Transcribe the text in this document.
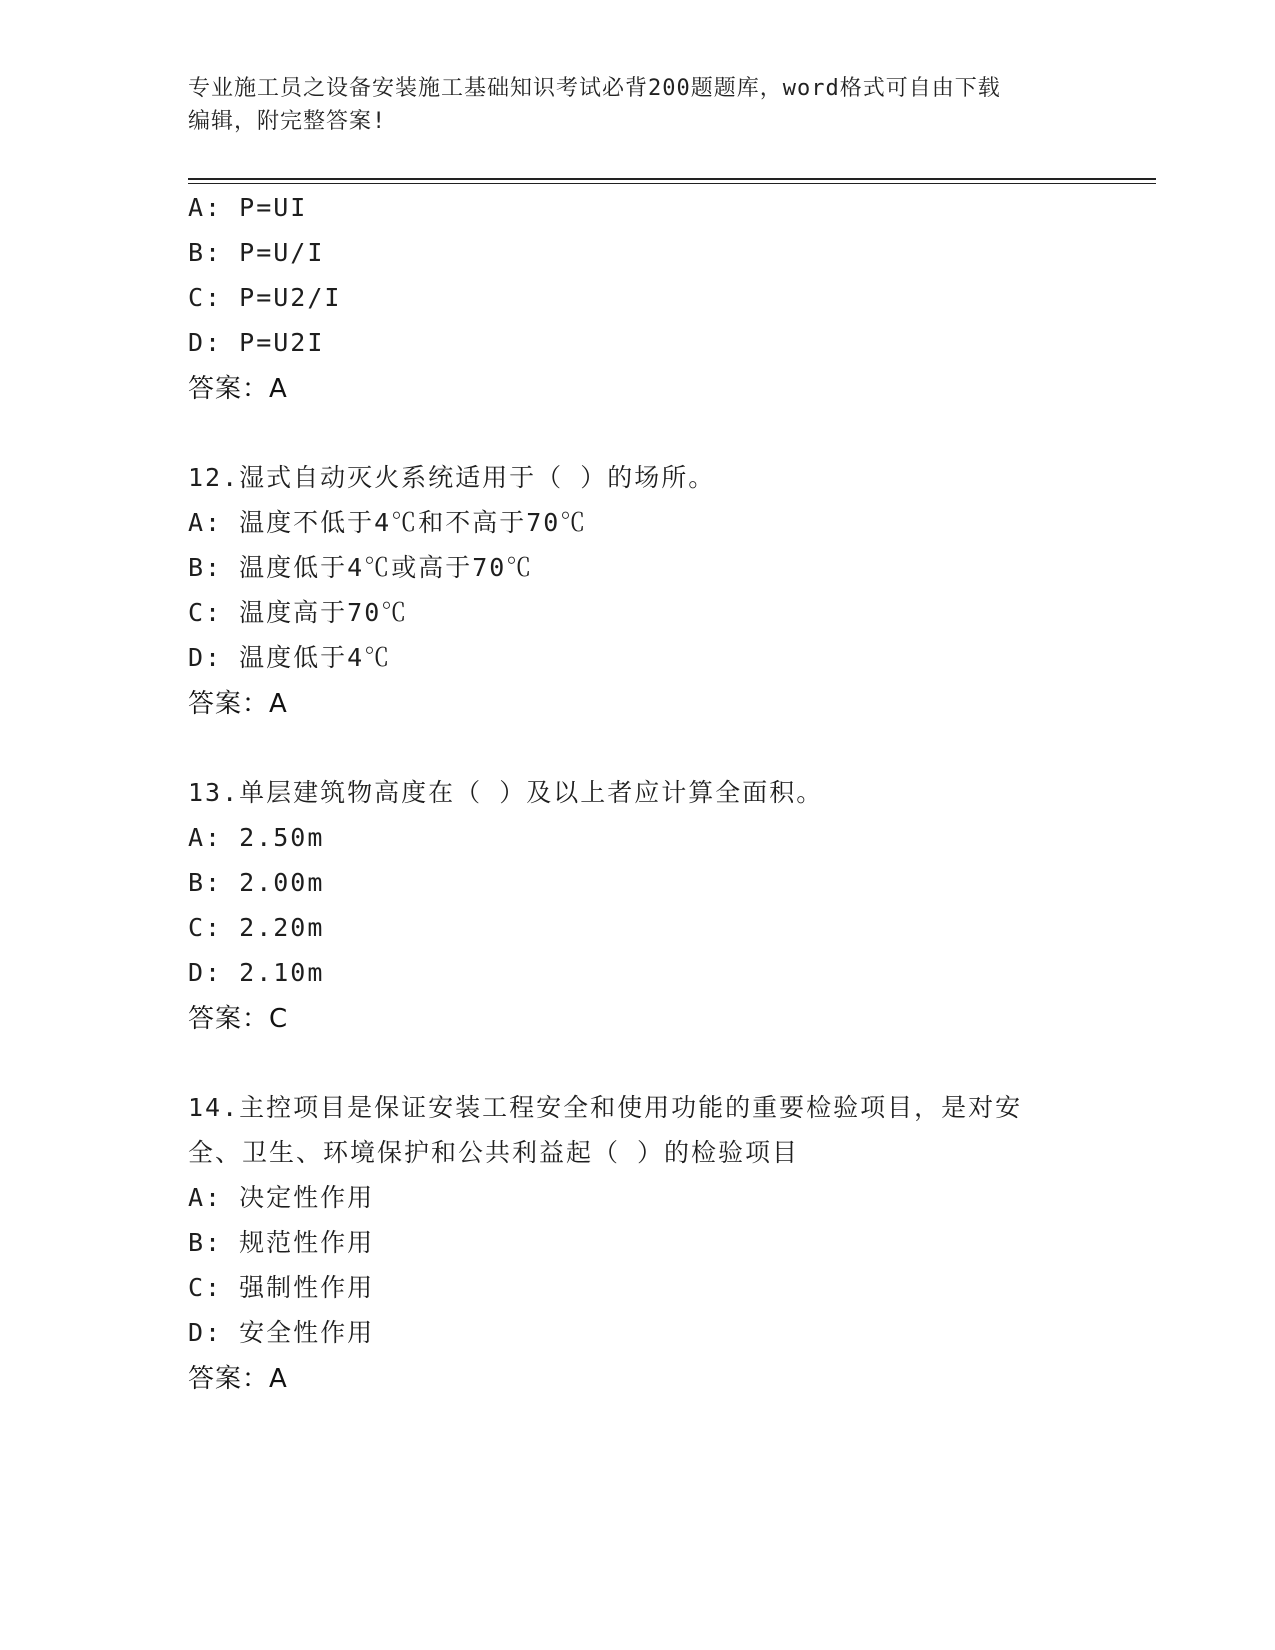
专业施工员之设备安装施工基础知识考试必背200题题库，word格式可自由下载
编辑，附完整答案!
A: P=UI
B: P=U/I
C: P=U2/I
D: P=U2I
答案：A
12.湿式自动灭火系统适用于（ ）的场所。
A: 温度不低于4℃和不高于70℃
B: 温度低于4℃或高于70℃
C: 温度高于70℃
D: 温度低于4℃
答案：A
13.单层建筑物高度在（ ）及以上者应计算全面积。
A: 2.50m
B: 2.00m
C: 2.20m
D: 2.10m
答案：C
14.主控项目是保证安装工程安全和使用功能的重要检验项目，是对安
全、卫生、环境保护和公共利益起（ ）的检验项目
A: 决定性作用
B: 规范性作用
C: 强制性作用
D: 安全性作用
答案：A
